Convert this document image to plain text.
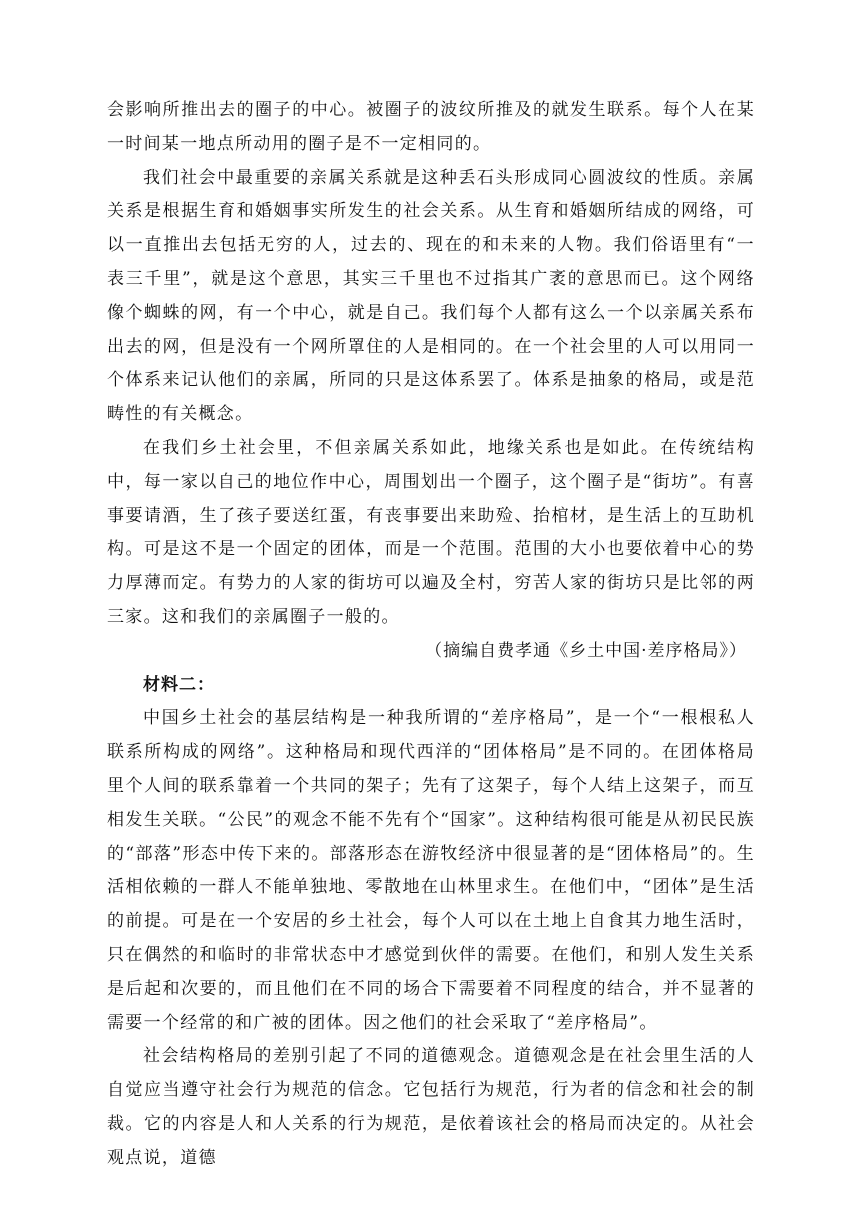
会影响所推出去的圈子的中心。被圈子的波纹所推及的就发生联系。每个人在某一时间某一地点所动用的圈子是不一定相同的。

我们社会中最重要的亲属关系就是这种丢石头形成同心圆波纹的性质。亲属关系是根据生育和婚姻事实所发生的社会关系。从生育和婚姻所结成的网络，可以一直推出去包括无穷的人，过去的、现在的和未来的人物。我们俗语里有“一表三千里”，就是这个意思，其实三千里也不过指其广袤的意思而已。这个网络像个蜘蛛的网，有一个中心，就是自己。我们每个人都有这么一个以亲属关系布出去的网，但是没有一个网所罩住的人是相同的。在一个社会里的人可以用同一个体系来记认他们的亲属，所同的只是这体系罢了。体系是抽象的格局，或是范畴性的有关概念。

在我们乡土社会里，不但亲属关系如此，地缘关系也是如此。在传统结构中，每一家以自己的地位作中心，周围划出一个圈子，这个圈子是“街坊”。有喜事要请酒，生了孩子要送红蛋，有丧事要出来助殓、抬棺材，是生活上的互助机构。可是这不是一个固定的团体，而是一个范围。范围的大小也要依着中心的势力厚薄而定。有势力的人家的街坊可以遍及全村，穷苦人家的街坊只是比邻的两三家。这和我们的亲属圈子一般的。

（摘编自费孝通《乡土中国·差序格局》）

材料二：

中国乡土社会的基层结构是一种我所谓的“差序格局”，是一个“一根根私人联系所构成的网络”。这种格局和现代西洋的“团体格局”是不同的。在团体格局里个人间的联系靠着一个共同的架子；先有了这架子，每个人结上这架子，而互相发生关联。“公民”的观念不能不先有个“国家”。这种结构很可能是从初民民族的“部落”形态中传下来的。部落形态在游牧经济中很显著的是“团体格局”的。生活相依赖的一群人不能单独地、零散地在山林里求生。在他们中，“团体”是生活的前提。可是在一个安居的乡土社会，每个人可以在土地上自食其力地生活时，只在偶然的和临时的非常状态中才感觉到伙伴的需要。在他们，和别人发生关系是后起和次要的，而且他们在不同的场合下需要着不同程度的结合，并不显著的需要一个经常的和广被的团体。因之他们的社会采取了“差序格局”。

社会结构格局的差别引起了不同的道德观念。道德观念是在社会里生活的人自觉应当遵守社会行为规范的信念。它包括行为规范，行为者的信念和社会的制裁。它的内容是人和人关系的行为规范，是依着该社会的格局而决定的。从社会观点说，道德
